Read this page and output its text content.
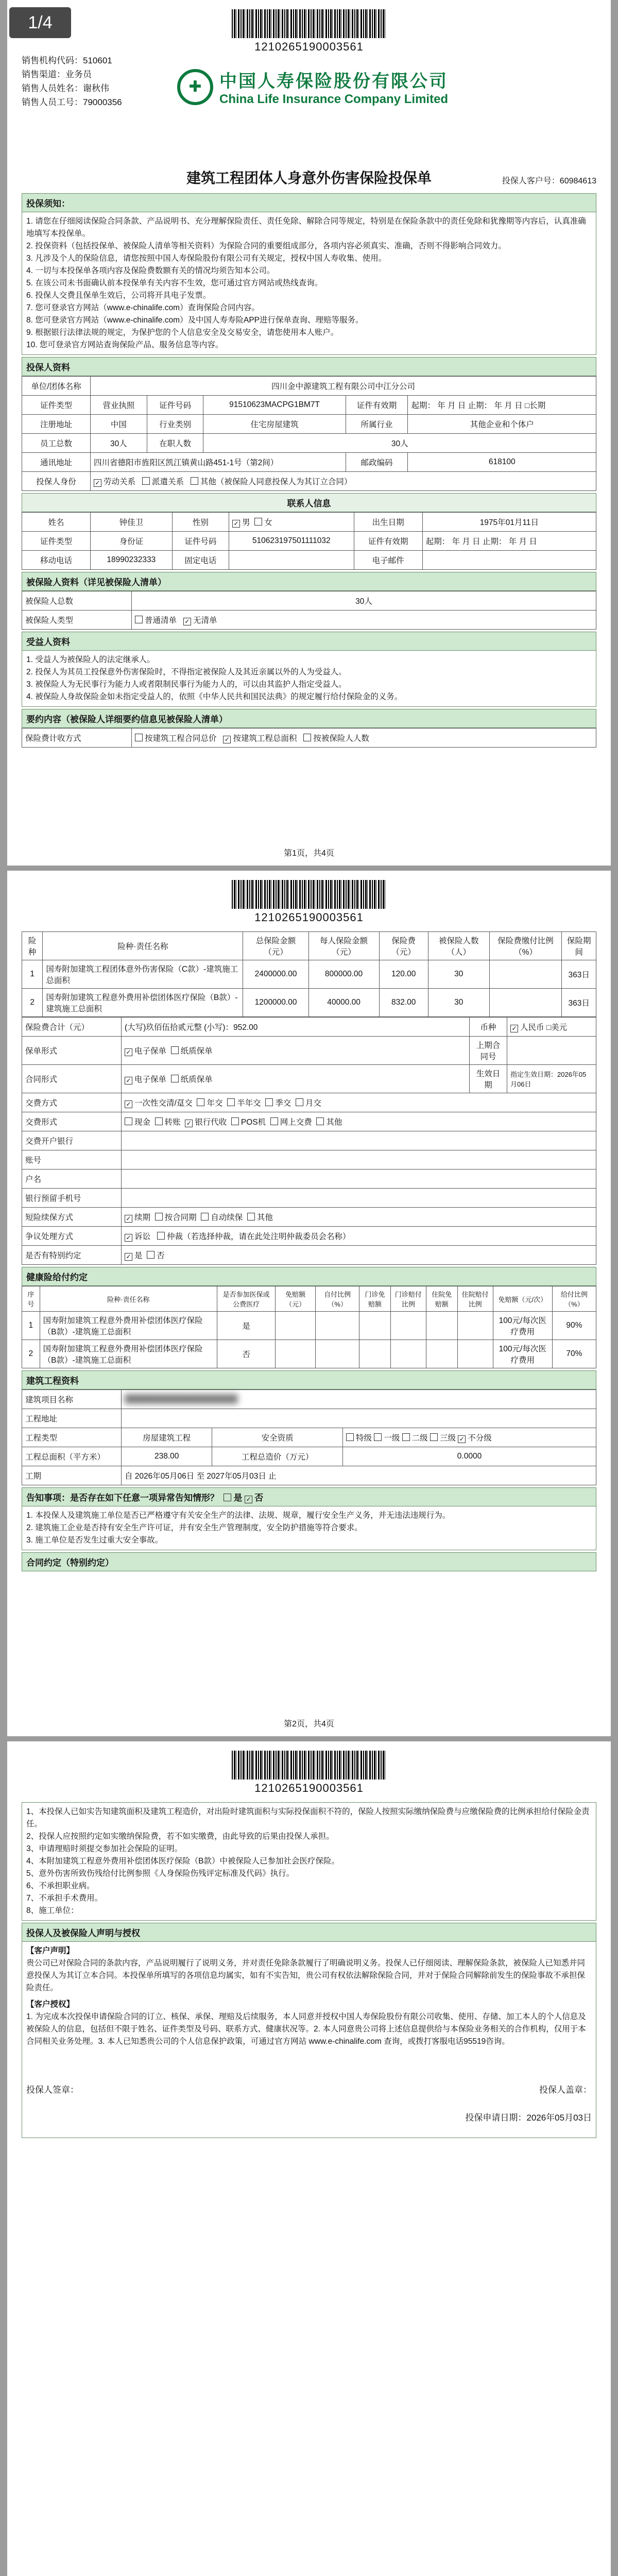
1/4
1210265190003561
销售机构代码：510601
销售渠道：业务员
销售人员姓名：谢秋伟
销售人员工号：79000356
✚	中国人寿保险股份有限公司
China Life Insurance Company Limited
建筑工程团体人身意外伤害保险投保单	投保人客户号：60984613
投保须知：
1. 请您在仔细阅读保险合同条款、产品说明书、充分理解保险责任、责任免除、解除合同等规定，特别是在保险条款中的责任免除和犹豫期等内容后，认真准确地填写本投保单。
2. 投保资料（包括投保单、被保险人清单等相关资料）为保险合同的重要组成部分，各项内容必须真实、准确，否则不得影响合同效力。
3. 凡涉及个人的保险信息，请您按照中国人寿保险股份有限公司有关规定，授权中国人寿收集、使用。
4. 一切与本投保单各项内容及保险费数额有关的情况均须告知本公司。
5. 在该公司未书面确认前本投保单有关内容不生效，您可通过官方网站或热线查询。
6. 投保人交费且保单生效后，公司将开具电子发票。
7. 您可登录官方网站（www.e-chinalife.com）查询保险合同内容。
8. 您可登录官方网站（www.e-chinalife.com）及中国人寿寿险APP进行保单查询、理赔等服务。
9. 根据银行法律法规的规定，为保护您的个人信息安全及交易安全，请您使用本人账户。
10. 您可登录官方网站查询保险产品、服务信息等内容。
投保人资料
单位/团体名称	四川金中源建筑工程有限公司中江分公司				
证件类型	营业执照	证件号码	91510623MACPG1BM7T	证件有效期	起期： 年 月 日 止期： 年 月 日 □长期
注册地址	中国	行业类别	住宅房屋建筑	所属行业	其他企业和个体户
员工总数	30人	在职人数	30人		
通讯地址	四川省德阳市旌阳区凯江镇黄山路451-1号（第2间）			邮政编码	618100
投保人身份	✓ 劳动关系 派遣关系 其他（被保险人同意投保人为其订立合同）				
联系人信息
姓名	钟佳卫	性别	✓ 男 女	出生日期	1975年01月11日
证件类型	身份证	证件号码	510623197501111032	证件有效期	起期： 年 月 日 止期： 年 月 日
移动电话	18990232333	固定电话		电子邮件	
被保险人资料（详见被保险人清单）
被保险人总数	30人
被保险人类型	普通清单 ✓ 无清单
受益人资料
1. 受益人为被保险人的法定继承人。
2. 投保人为其员工投保意外伤害保险时，不得指定被保险人及其近亲属以外的人为受益人。
3. 被保险人为无民事行为能力人或者限制民事行为能力人的，可以由其监护人指定受益人。
4. 被保险人身故保险金如未指定受益人的，依照《中华人民共和国民法典》的规定履行给付保险金的义务。
要约内容（被保险人详细要约信息见被保险人清单）
保险费计收方式	按建筑工程合同总价 ✓ 按建筑工程总面积 按被保险人人数
第1页，共4页
1210265190003561
险种	险种·责任名称	总保险金额（元）	每人保险金额（元）	保险费（元）	被保险人数（人）	保险费缴付比例（%）	保险期间
1	国寿附加建筑工程团体意外伤害保险（C款）-建筑施工总面积	2400000.00	800000.00	120.00	30		363日
2	国寿附加建筑工程意外费用补偿团体医疗保险（B款）-建筑施工总面积	1200000.00	40000.00	832.00	30		363日
保险费合计（元）	(大写)玖佰伍拾贰元整 (小写)：952.00	币种	✓ 人民币 □美元
保单形式	✓ 电子保单 纸质保单	上期合同号	
合同形式	✓ 电子保单 纸质保单	生效日期	指定生效日期：2026年05月06日
交费方式	✓ 一次性交清/趸交 年交 半年交 季交 月交		
交费形式	现金 转账 ✓ 银行代收 POS机 网上交费 其他		
交费开户银行			
账号			
户名			
银行预留手机号			
短险续保方式	✓ 续期 按合同期 自动续保 其他		
争议处理方式	✓ 诉讼 仲裁（若选择仲裁，请在此处注明仲裁委员会名称）		
是否有特别约定	✓ 是  否		
健康险给付约定
序号	险种·责任名称	是否参加医保或公费医疗	免赔额（元）	自付比例（%）	门诊免赔额	门诊赔付比例	住院免赔额	住院赔付比例	免赔额（元/次）	给付比例（%）
1	国寿附加建筑工程意外费用补偿团体医疗保险（B款）-建筑施工总面积	是							100元/每次医疗费用	90%
2	国寿附加建筑工程意外费用补偿团体医疗保险（B款）-建筑施工总面积	否							100元/每次医疗费用	70%
建筑工程资料
建筑项目名称	████████████████████		
工程地址			
工程类型	房屋建筑工程	安全资质	特级 一级 二级 三级 ✓ 不分级
工程总面积（平方米）	238.00	工程总造价（万元）	0.0000
工期	自 2026年05月06日 至 2027年05月03日 止		
告知事项：是否存在如下任意一项异常告知情形？ 是 ✓ 否
1. 本投保人及建筑施工单位是否已严格遵守有关安全生产的法律、法规、规章，履行安全生产义务，并无违法违规行为。
2. 建筑施工企业是否持有安全生产许可证，并有安全生产管理制度，安全防护措施等符合要求。
3. 施工单位是否发生过重大安全事故。
合同约定（特别约定）
第2页，共4页
1210265190003561
1、本投保人已如实告知建筑面积及建筑工程造价，对出险时建筑面积与实际投保面积不符的，保险人按照实际缴纳保险费与应缴保险费的比例承担给付保险金责任。
2、投保人应按照约定如实缴纳保险费，若不如实缴费，由此导致的后果由投保人承担。
3、申请理赔时须提交参加社会保险的证明。
4、本附加建筑工程意外费用补偿团体医疗保险（B款）中被保险人已参加社会医疗保险。
5、意外伤害所致伤残给付比例参照《人身保险伤残评定标准及代码》执行。
6、不承担职业病。
7、不承担手术费用。
8、施工单位：
投保人及被保险人声明与授权
【客户声明】
贵公司已对保险合同的条款内容，产品说明履行了说明义务，并对责任免除条款履行了明确说明义务。投保人已仔细阅读、理解保险条款，被保险人已知悉并同意投保人为其订立本合同。本投保单所填写的各项信息均属实，如有不实告知，贵公司有权依法解除保险合同，并对于保险合同解除前发生的保险事故不承担保险责任。
【客户授权】
1. 为完成本次投保申请保险合同的订立、核保、承保、理赔及后续服务，本人同意并授权中国人寿保险股份有限公司收集、使用、存储、加工本人的个人信息及被保险人的信息，包括但不限于姓名、证件类型及号码、联系方式、健康状况等。2. 本人同意贵公司将上述信息提供给与本保险业务相关的合作机构，仅用于本合同相关业务处理。3. 本人已知悉贵公司的个人信息保护政策，可通过官方网站 www.e-chinalife.com 查询，或拨打客服电话95519咨询。
投保人签章：	投保人盖章：
投保申请日期：2026年05月03日
